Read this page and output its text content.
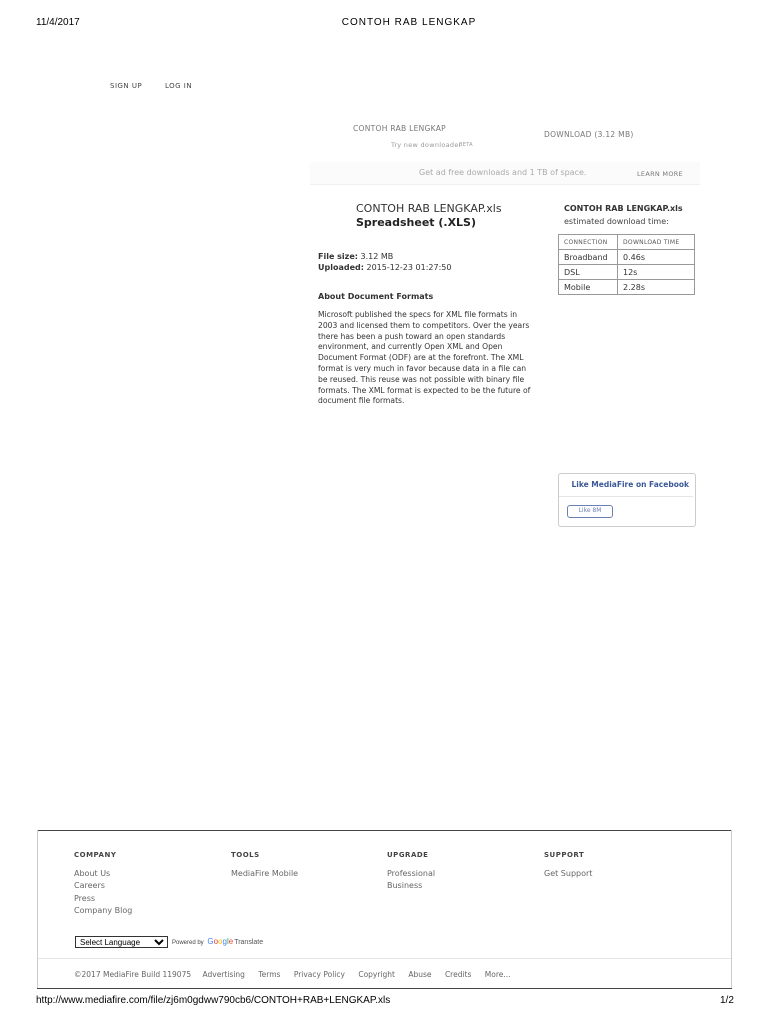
11/4/2017	CONTOH RAB LENGKAP
SIGN UP	LOG IN
CONTOH RAB LENGKAP
DOWNLOAD (3.12 MB)
Try new downloader
BETA
Get ad free downloads and 1 TB of space.	LEARN MORE
CONTOH RAB LENGKAP.xls
Spreadsheet (.XLS)
File size: 3.12 MB
Uploaded: 2015-12-23 01:27:50
About Document Formats
Microsoft published the specs for XML file formats in
2003 and licensed them to competitors. Over the years
there has been a push toward an open standards
environment, and currently Open XML and Open
Document Format (ODF) are at the forefront. The XML
format is very much in favor because data in a file can
be reused. This reuse was not possible with binary file
formats. The XML format is expected to be the future of
document file formats.
CONTOH RAB LENGKAP.xls
estimated download time:
CONNECTION	DOWNLOAD TIME
Broadband	0.46s
DSL	12s
Mobile	2.28s
Like MediaFire on Facebook
Like 8M
COMPANY
About Us
Careers
Press
Company Blog
TOOLS
MediaFire Mobile
UPGRADE
Professional
Business
SUPPORT
Get Support
Select Language
Powered by GoogleTranslate
©2017 MediaFire Build 119075 Advertising Terms Privacy Policy Copyright Abuse Credits More...
http://www.mediafire.com/file/zj6m0gdww790cb6/CONTOH+RAB+LENGKAP.xls	1/2
